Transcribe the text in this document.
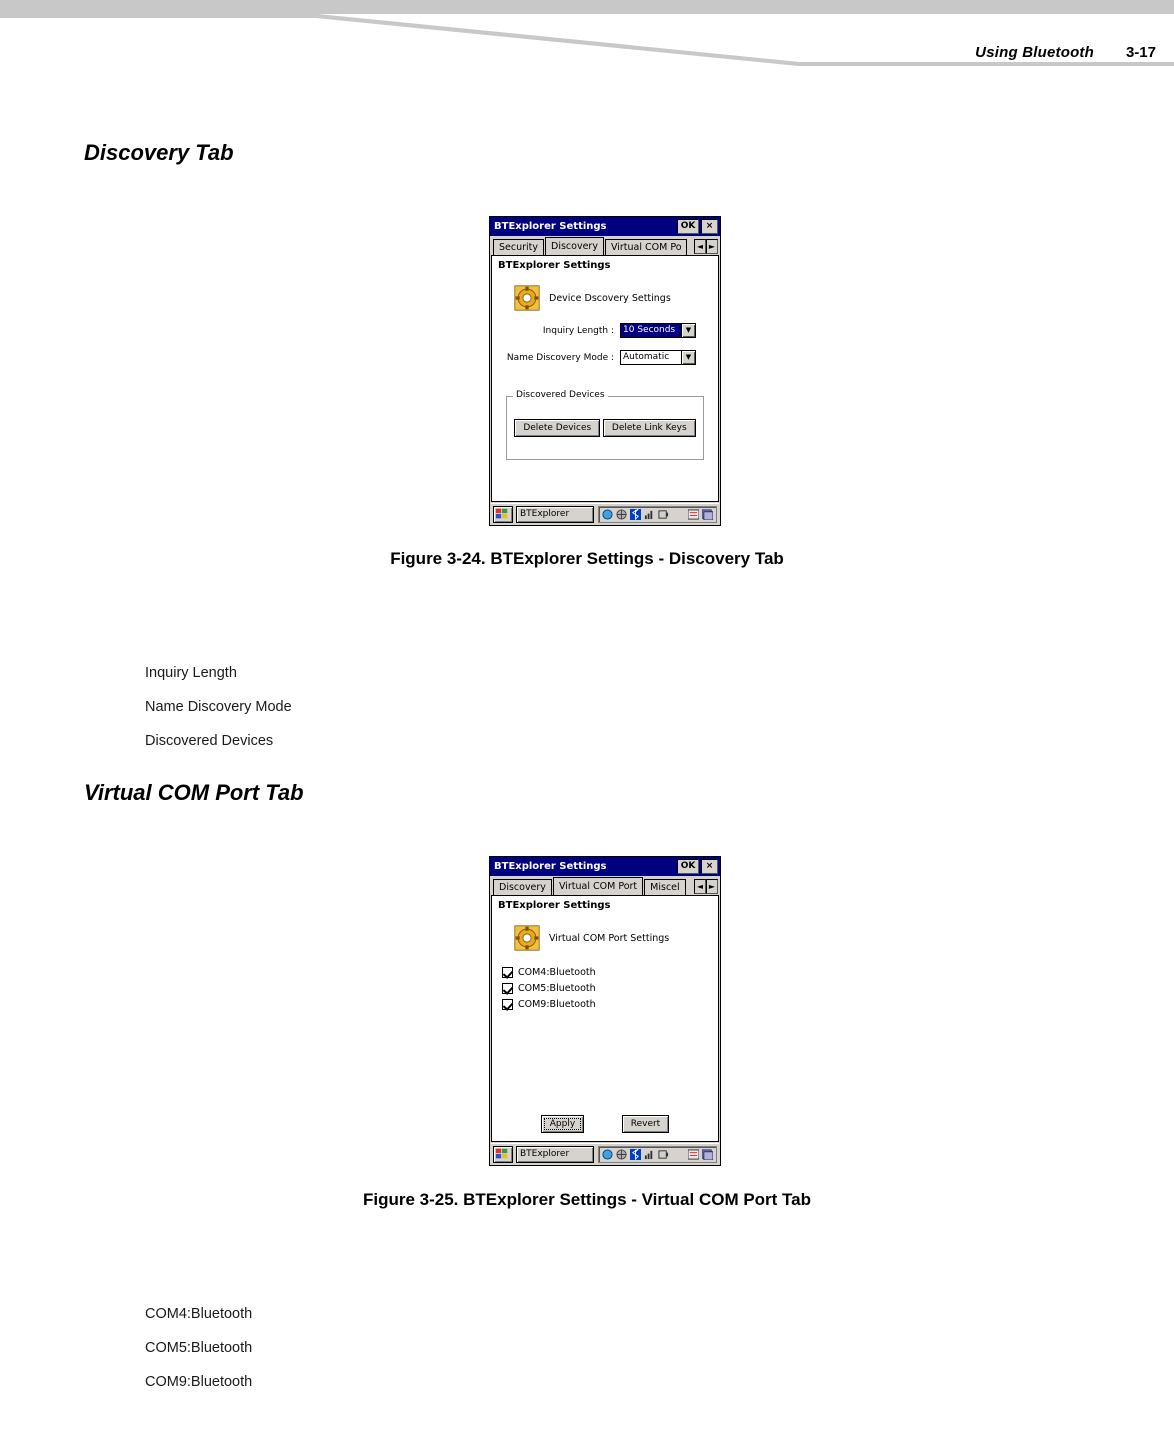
Using Bluetooth 3-17
Discovery Tab
BTExplorer Settings	OK	×
Security	Discovery	Virtual COM Po	◄ ►
BTExplorer Settings
Device Dscovery Settings
Inquiry Length : 10 Seconds	▼
Name Discovery Mode : Automatic	▼
Discovered Devices
Delete Devices	Delete Link Keys
BTExplorer
Figure 3-24. BTExplorer Settings - Discovery Tab
Inquiry Length
Name Discovery Mode
Discovered Devices
Virtual COM Port Tab
BTExplorer Settings	OK	×
Discovery	Virtual COM Port	Miscel	◄ ►
BTExplorer Settings
Virtual COM Port Settings
COM4:Bluetooth
COM5:Bluetooth
COM9:Bluetooth
Apply	Revert
BTExplorer
Figure 3-25. BTExplorer Settings - Virtual COM Port Tab
COM4:Bluetooth
COM5:Bluetooth
COM9:Bluetooth
